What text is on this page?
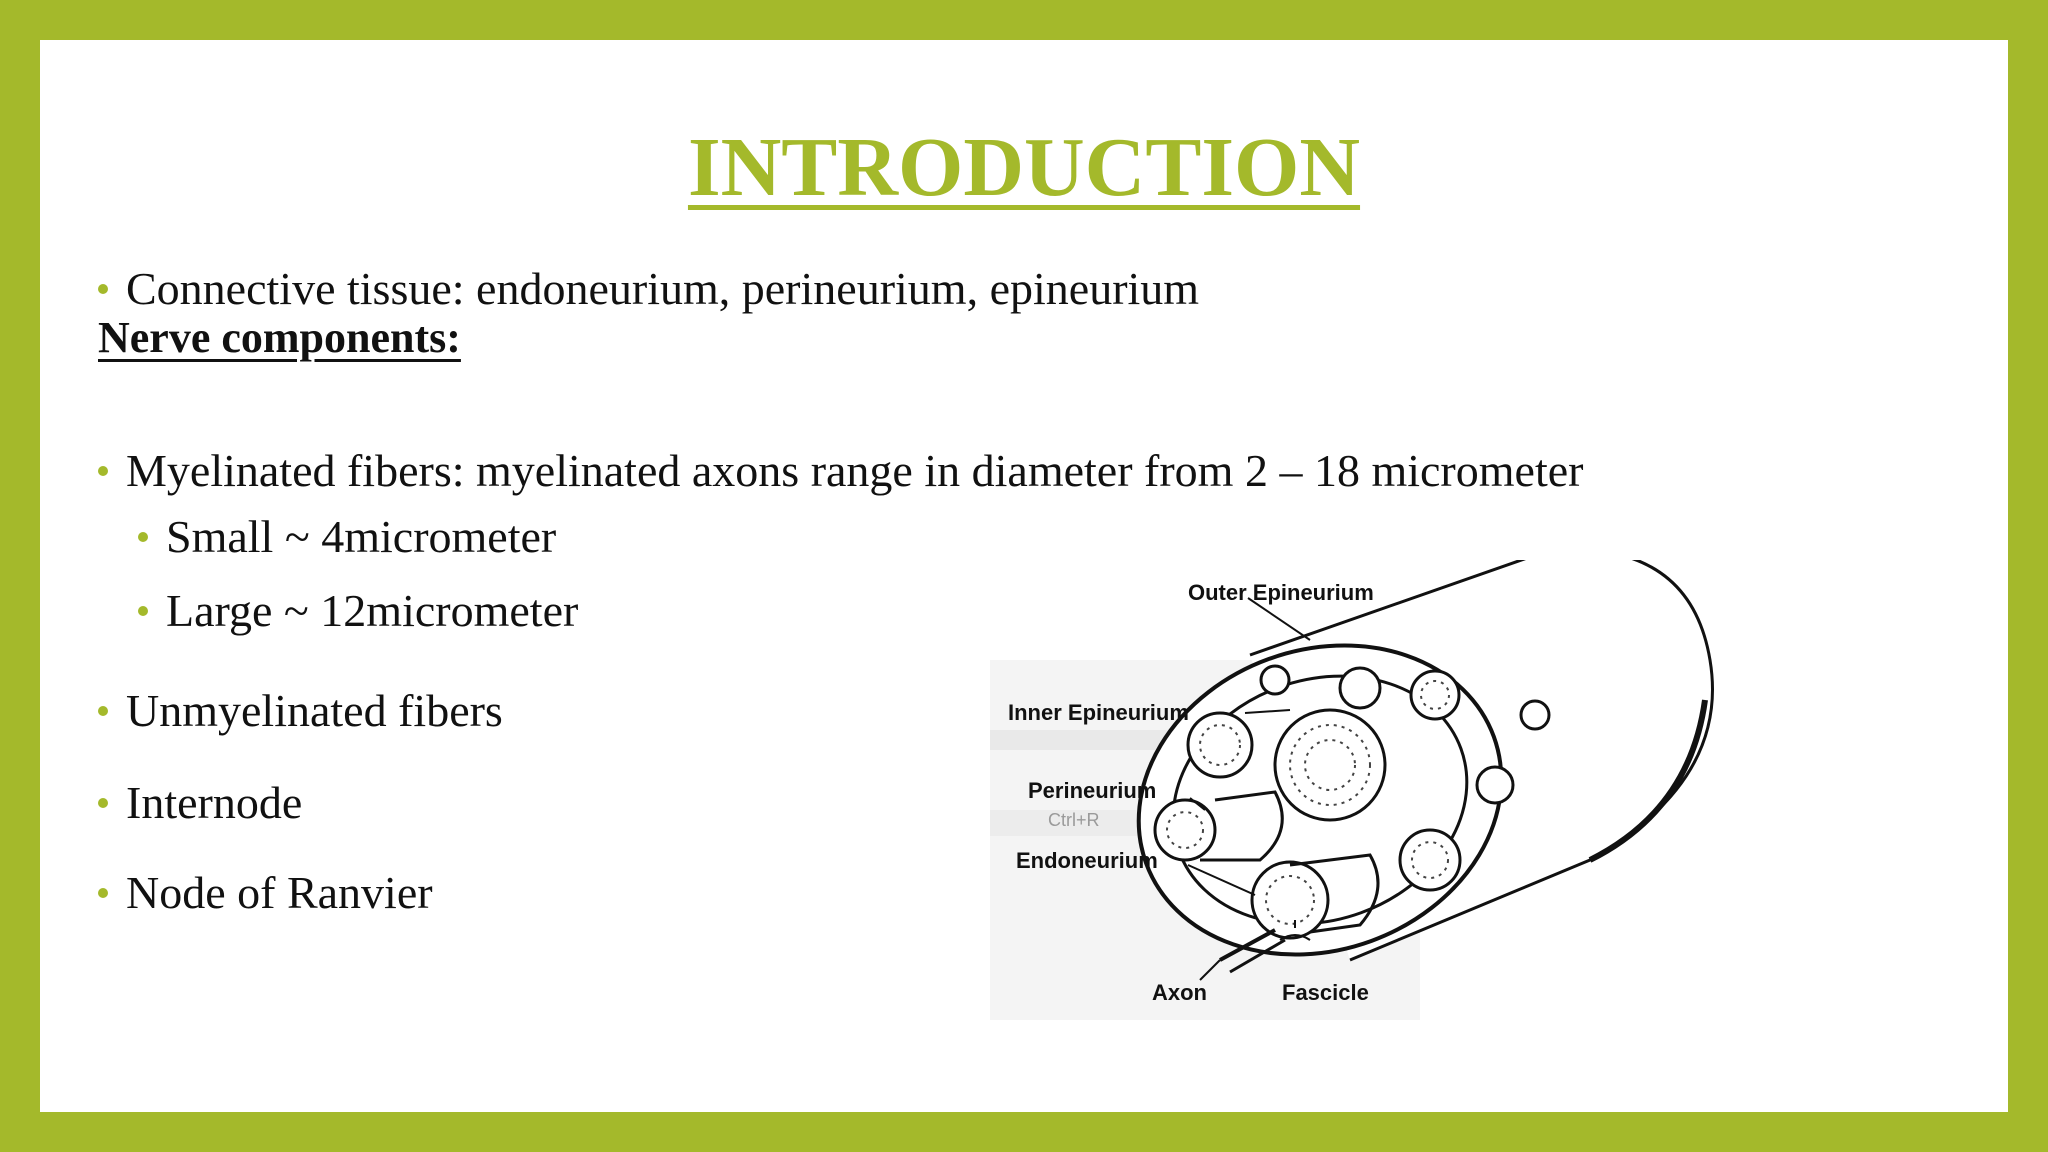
INTRODUCTION
Connective tissue: endoneurium, perineurium, epineurium
Nerve components:
Myelinated fibers: myelinated axons range in diameter from 2 – 18 micrometer
Small ~ 4micrometer
Large ~ 12micrometer
Unmyelinated fibers
Internode
Node of Ranvier
Outer Epineurium
Inner Epineurium
Perineurium
Ctrl+R
Endoneurium
Axon	Fascicle
